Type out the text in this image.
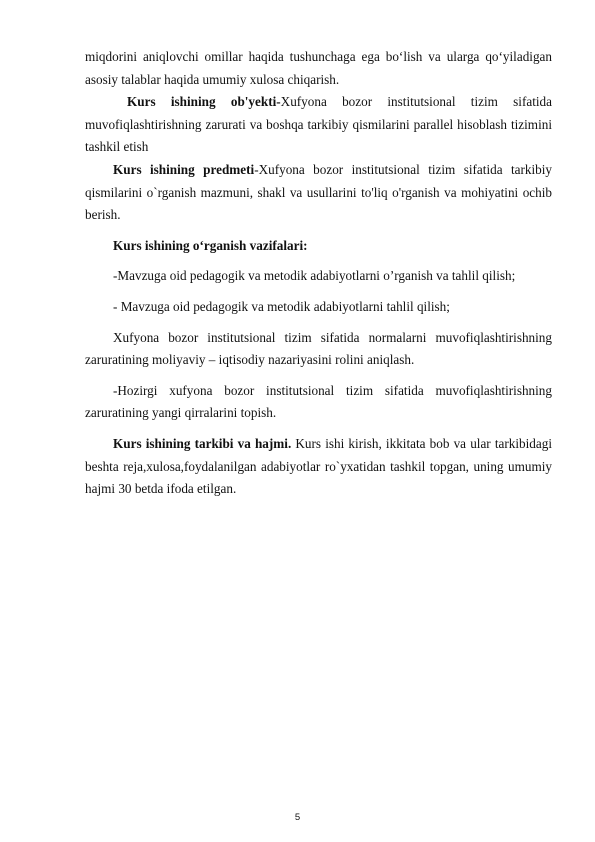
miqdorini aniqlovchi omillar haqida tushunchaga ega boʻlish va ularga qoʻyiladigan asosiy talablar haqida umumiy xulosa chiqarish.

Kurs ishining ob'yekti-Xufyona bozor institutsional tizim sifatida muvofiqlashtirishning zarurati va boshqa tarkibiy qismilarini parallel hisoblash tizimini tashkil etish

Kurs ishining predmeti-Xufyona bozor institutsional tizim sifatida tarkibiy qismilarini o`rganish mazmuni, shakl va usullarini to'liq o'rganish va mohiyatini ochib berish.

Kurs ishining o‘rganish vazifalari:

-Mavzuga oid pedagogik va metodik adabiyotlarni o’rganish va tahlil qilish;

- Mavzuga oid pedagogik va metodik adabiyotlarni tahlil qilish;

Xufyona bozor institutsional tizim sifatida normalarni muvofiqlashtirishning zaruratining moliyaviy – iqtisodiy nazariyasini rolini aniqlash.

-Hozirgi xufyona bozor institutsional tizim sifatida muvofiqlashtirishning zaruratining yangi qirralarini topish.

Kurs ishining tarkibi va hajmi. Kurs ishi kirish, ikkitata bob va ular tarkibidagi beshta reja,xulosa,foydalanilgan adabiyotlar ro`yxatidan tashkil topgan, uning umumiy hajmi 30 betda ifoda etilgan.

5
